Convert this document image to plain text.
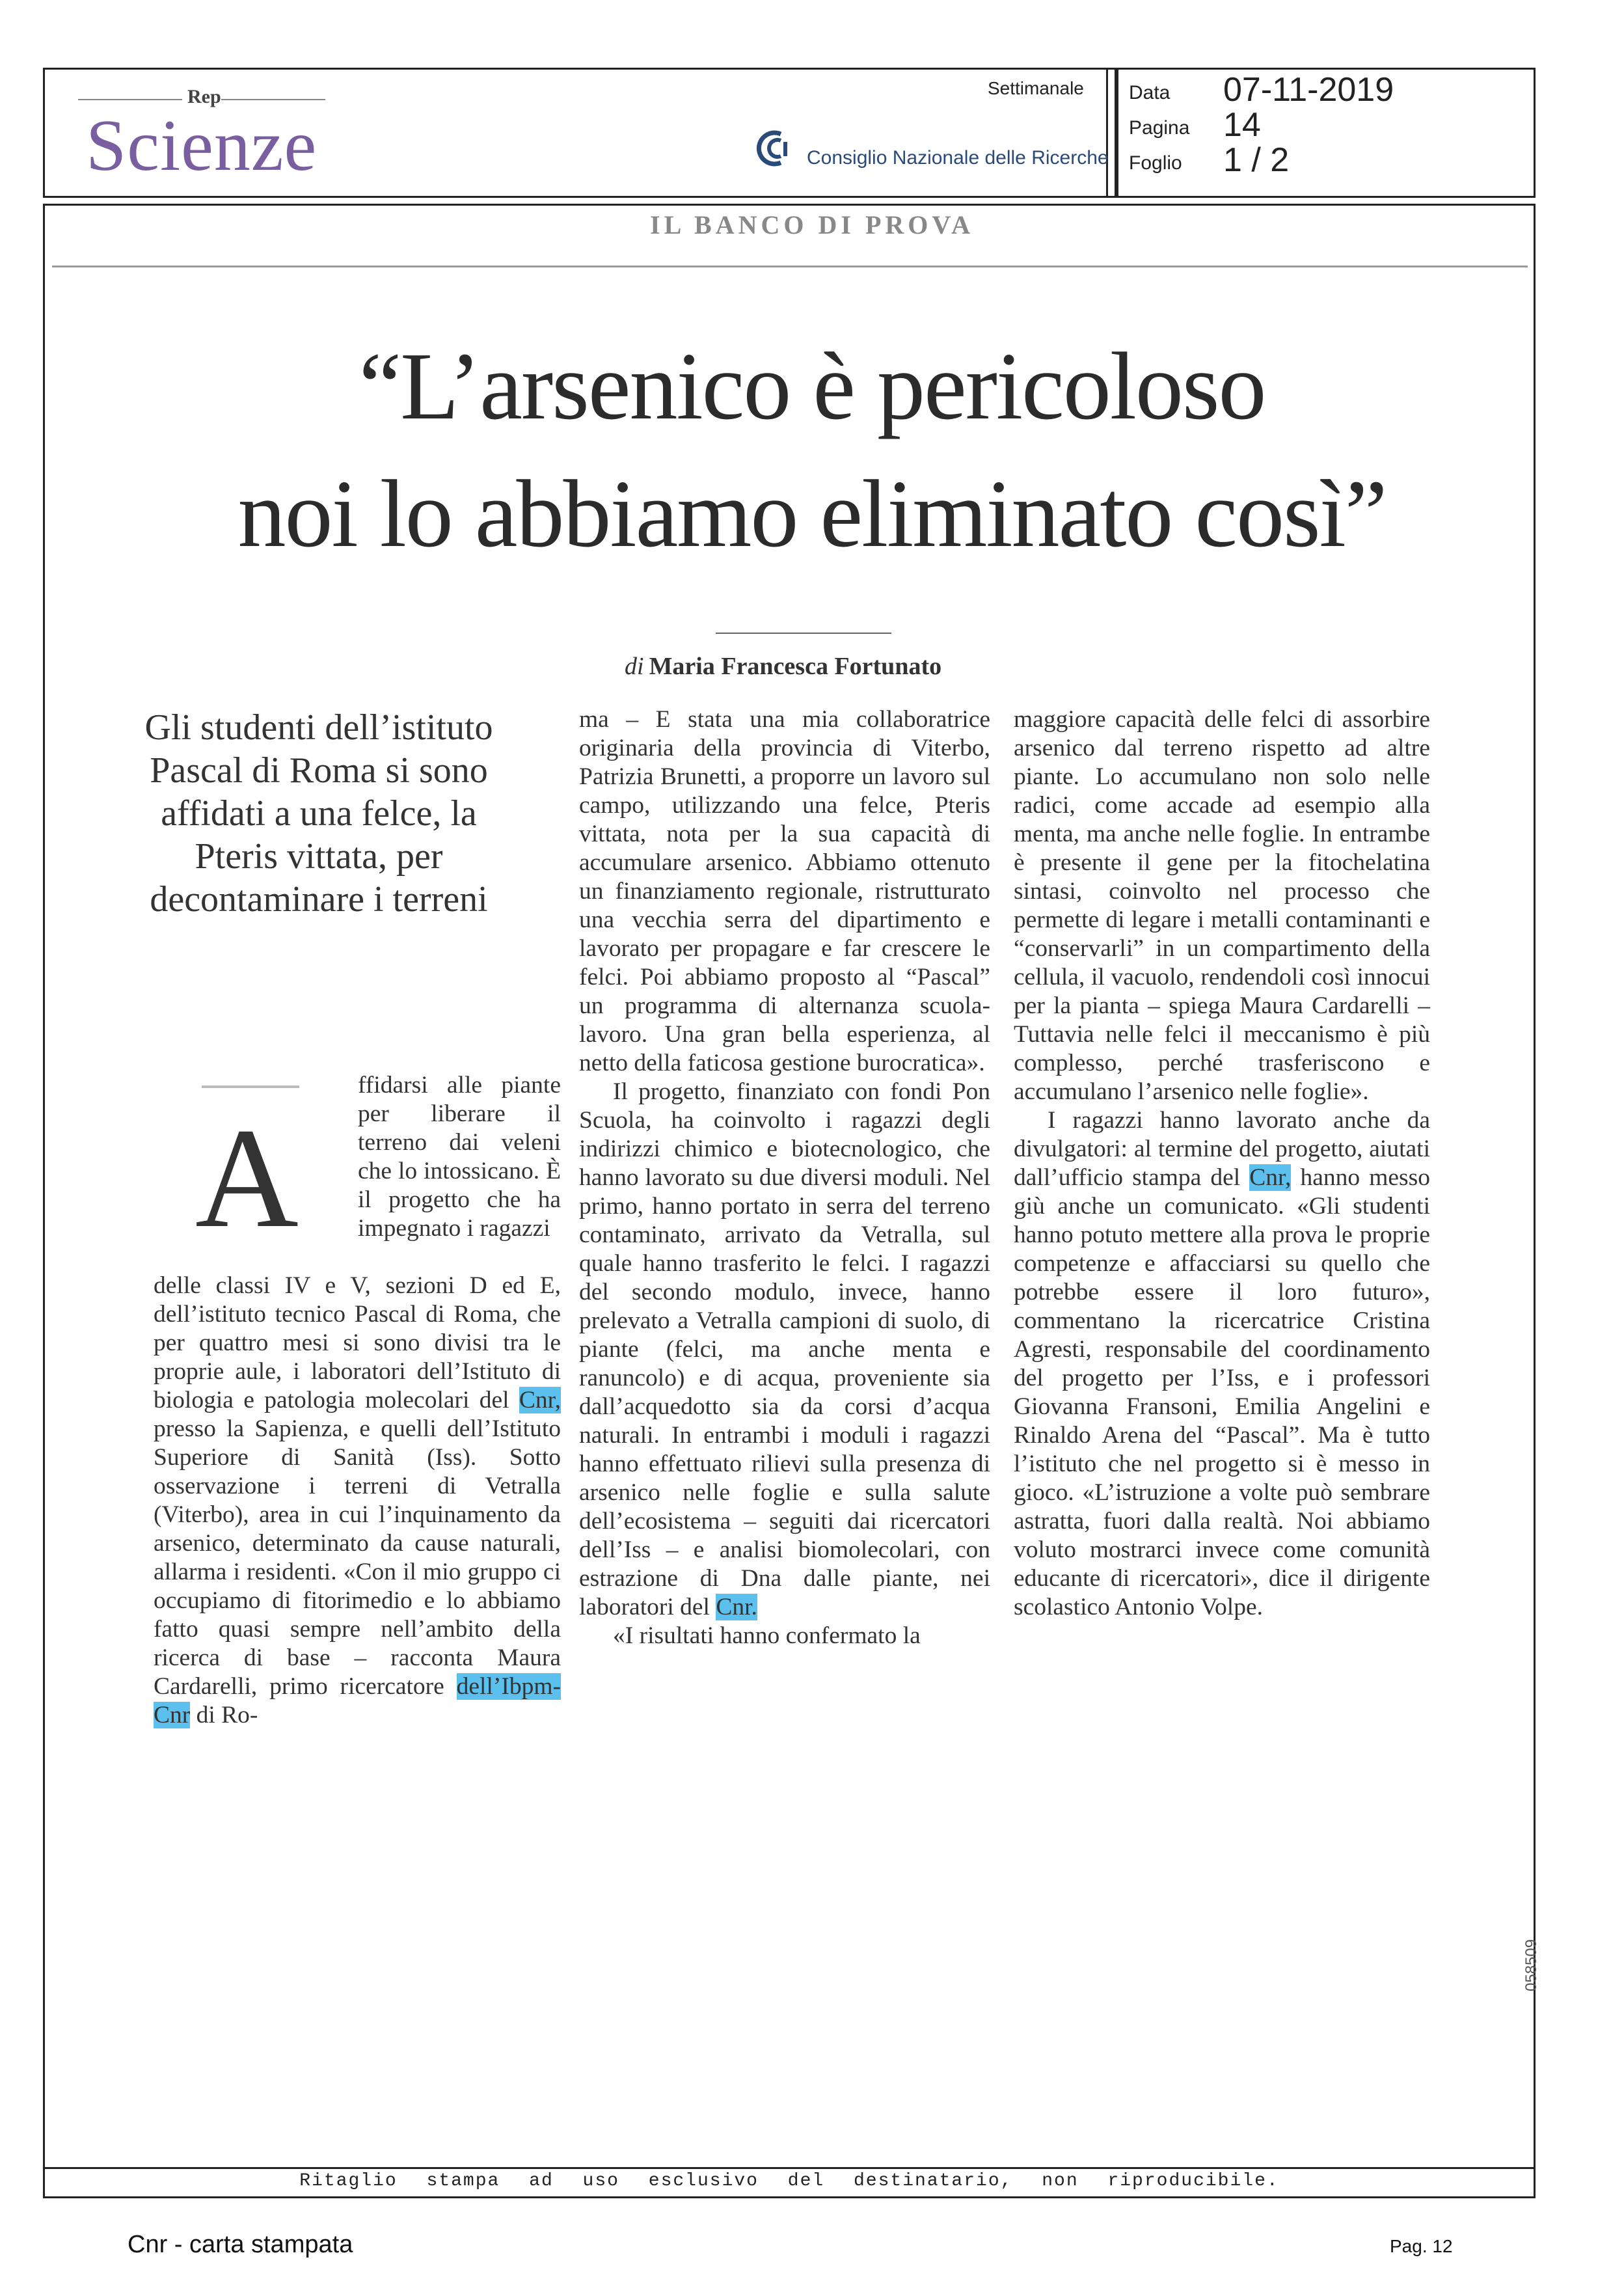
Rep
Scienze
Settimanale
Consiglio Nazionale delle Ricerche
Data 07-11-2019
Pagina 14
Foglio 1 / 2
IL BANCO DI PROVA
“L’arsenico è pericoloso
noi lo abbiamo eliminato così”
di Maria Francesca Fortunato
Gli studenti dell’istituto Pascal di Roma si sono affidati a una felce, la Pteris vittata, per decontaminare i terreni
A

ffidarsi alle piante per liberare il terreno dai veleni che lo intossicano. È il progetto che ha impegnato i ragazzi

delle classi IV e V, sezioni D ed E, dell’istituto tecnico Pascal di Roma, che per quattro mesi si sono divisi tra le proprie aule, i laboratori dell’Istituto di biologia e patologia molecolari del Cnr, presso la Sapienza, e quelli dell’Istituto Superiore di Sanità (Iss). Sotto osservazione i terreni di Vetralla (Viterbo), area in cui l’inquinamento da arsenico, determinato da cause naturali, allarma i residenti. «Con il mio gruppo ci occupiamo di fitorimedio e lo abbiamo fatto quasi sempre nell’ambito della ricerca di base – racconta Maura Cardarelli, primo ricercatore dell’Ibpm-Cnr di Ro-

ma – E stata una mia collaboratrice originaria della provincia di Viterbo, Patrizia Brunetti, a proporre un lavoro sul campo, utilizzando una felce, Pteris vittata, nota per la sua capacità di accumulare arsenico. Abbiamo ottenuto un finanziamento regionale, ristrutturato una vecchia serra del dipartimento e lavorato per propagare e far crescere le felci. Poi abbiamo proposto al “Pascal” un programma di alternanza scuola-lavoro. Una gran bella esperienza, al netto della faticosa gestione burocratica».

Il progetto, finanziato con fondi Pon Scuola, ha coinvolto i ragazzi degli indirizzi chimico e biotecnologico, che hanno lavorato su due diversi moduli. Nel primo, hanno portato in serra del terreno contaminato, arrivato da Vetralla, sul quale hanno trasferito le felci. I ragazzi del secondo modulo, invece, hanno prelevato a Vetralla campioni di suolo, di piante (felci, ma anche menta e ranuncolo) e di acqua, proveniente sia dall’acquedotto sia da corsi d’acqua naturali. In entrambi i moduli i ragazzi hanno effettuato rilievi sulla presenza di arsenico nelle foglie e sulla salute dell’ecosistema – seguiti dai ricercatori dell’Iss – e analisi biomolecolari, con estrazione di Dna dalle piante, nei laboratori del Cnr.

«I risultati hanno confermato la

maggiore capacità delle felci di assorbire arsenico dal terreno rispetto ad altre piante. Lo accumulano non solo nelle radici, come accade ad esempio alla menta, ma anche nelle foglie. In entrambe è presente il gene per la fitochelatina sintasi, coinvolto nel processo che permette di legare i metalli contaminanti e “conservarli” in un compartimento della cellula, il vacuolo, rendendoli così innocui per la pianta – spiega Maura Cardarelli – Tuttavia nelle felci il meccanismo è più complesso, perché trasferiscono e accumulano l’arsenico nelle foglie».

I ragazzi hanno lavorato anche da divulgatori: al termine del progetto, aiutati dall’ufficio stampa del Cnr, hanno messo giù anche un comunicato. «Gli studenti hanno potuto mettere alla prova le proprie competenze e affacciarsi su quello che potrebbe essere il loro futuro», commentano la ricercatrice Cristina Agresti, responsabile del coordinamento del progetto per l’Iss, e i professori Giovanna Fransoni, Emilia Angelini e Rinaldo Arena del “Pascal”. Ma è tutto l’istituto che nel progetto si è messo in gioco. «L’istruzione a volte può sembrare astratta, fuori dalla realtà. Noi abbiamo voluto mostrarci invece come comunità educante di ricercatori», dice il dirigente scolastico Antonio Volpe.

058509
Ritaglio stampa ad uso esclusivo del destinatario, non riproducibile.
Cnr - carta stampata	Pag. 12
